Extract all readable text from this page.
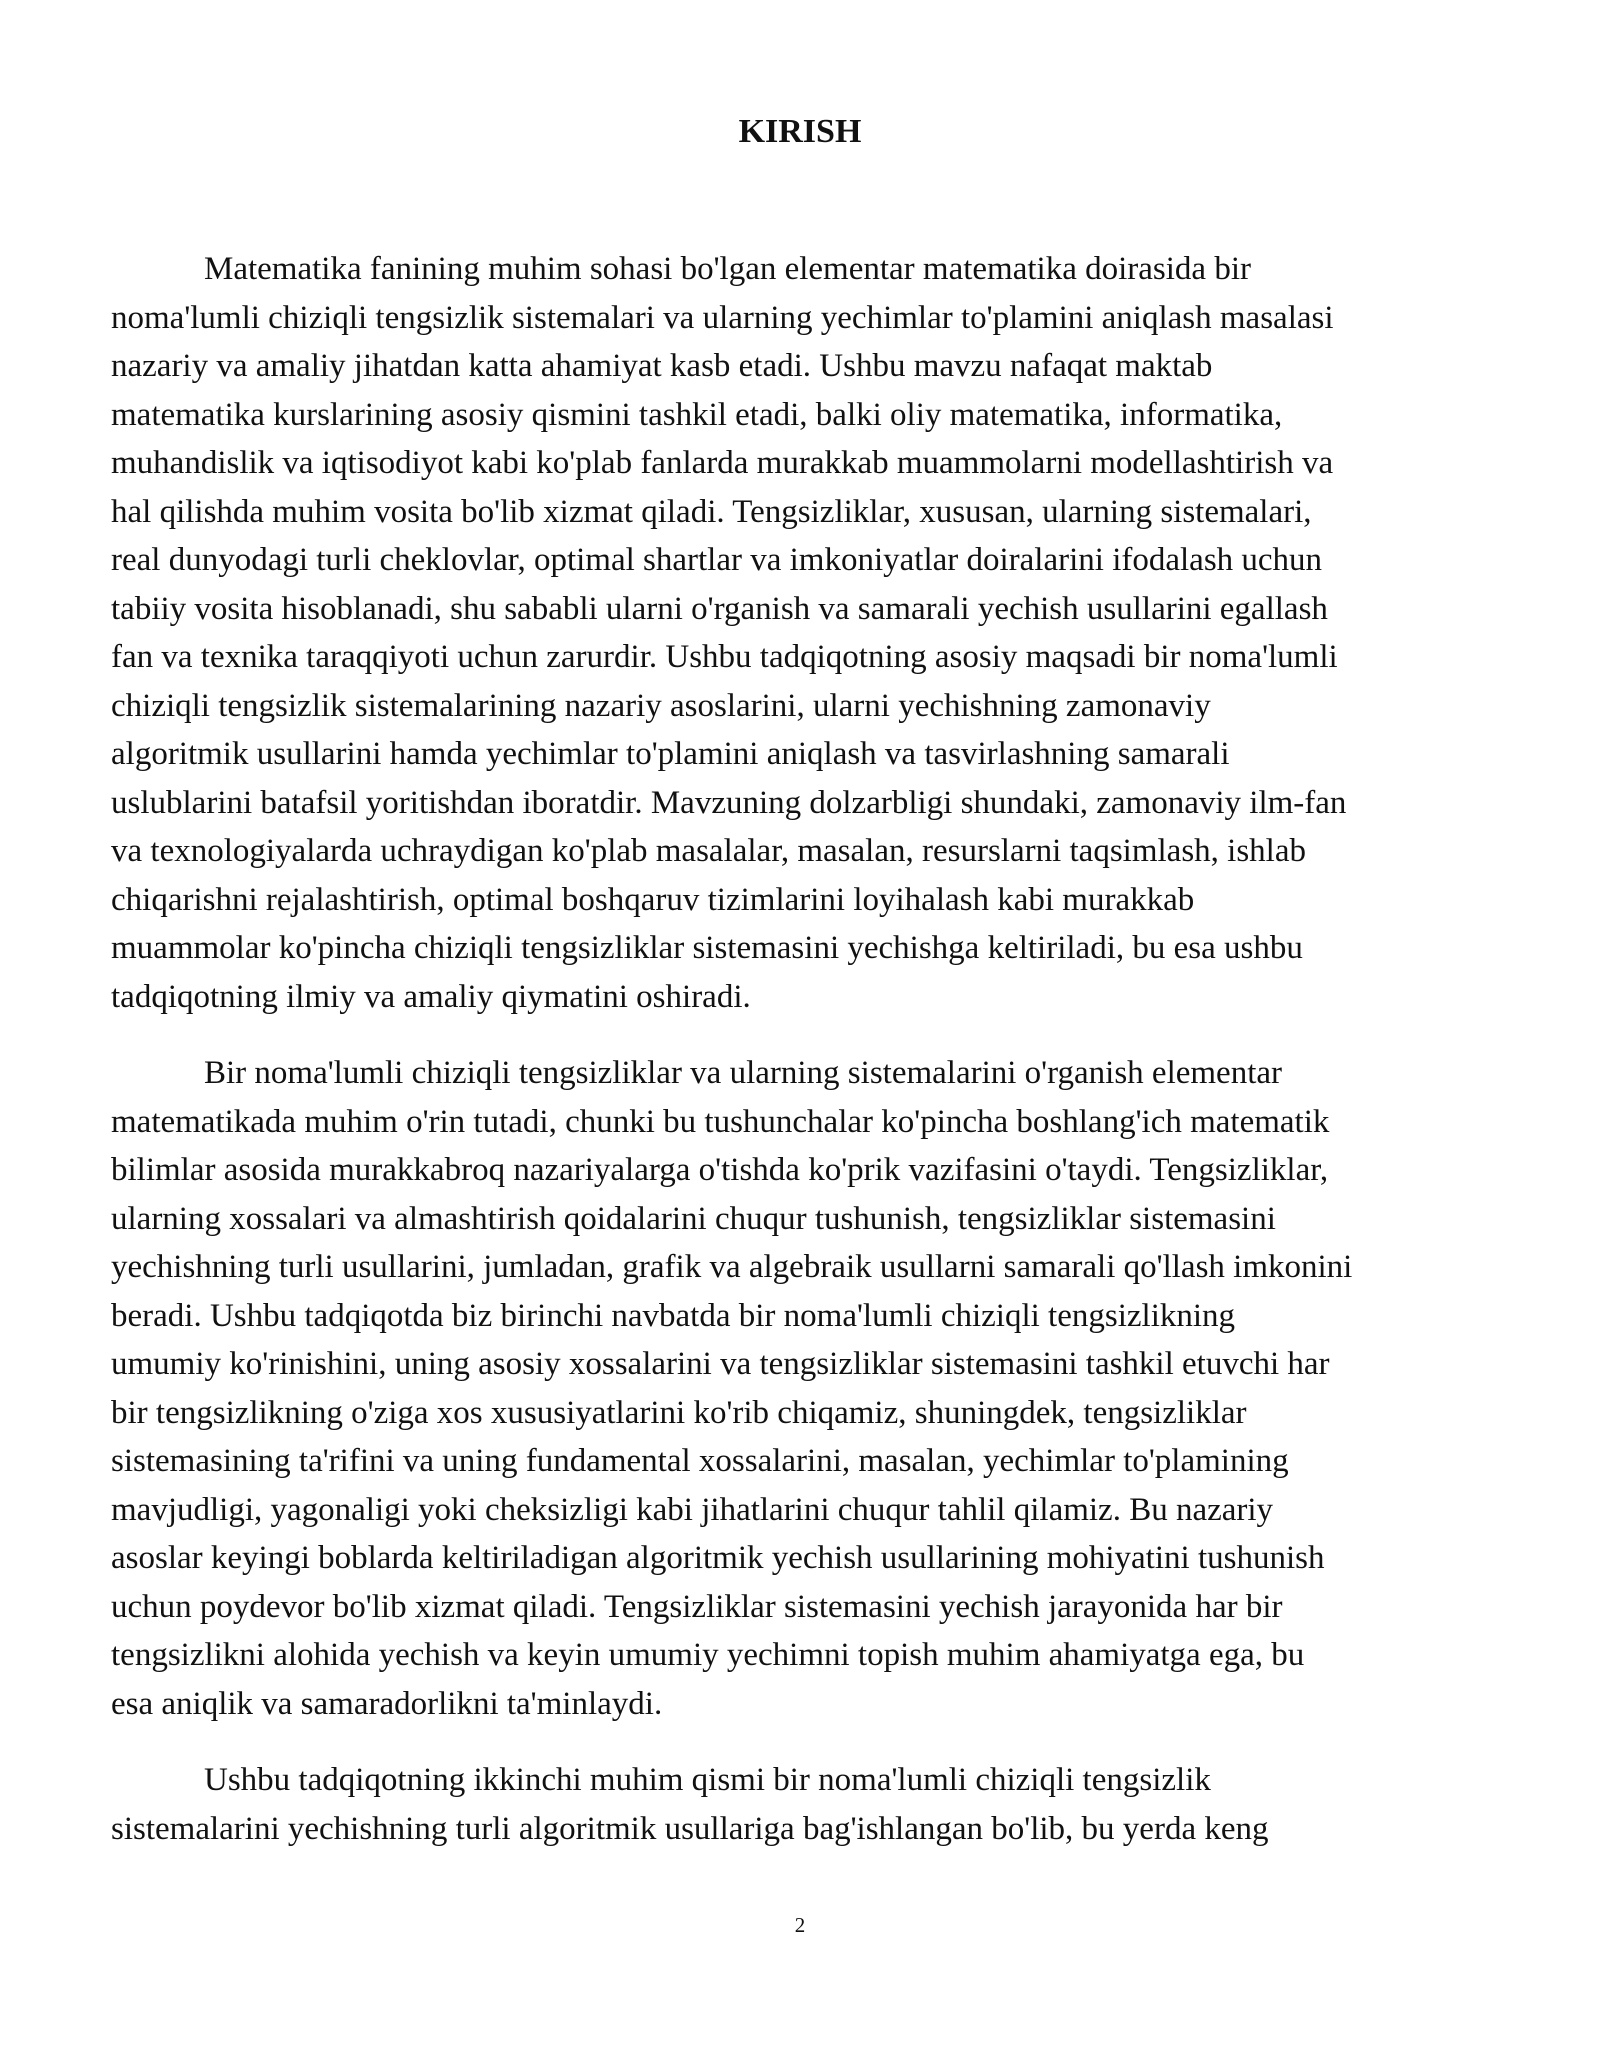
KIRISH

Matematika fanining muhim sohasi bo'lgan elementar matematika doirasida bir
noma'lumli chiziqli tengsizlik sistemalari va ularning yechimlar to'plamini aniqlash masalasi
nazariy va amaliy jihatdan katta ahamiyat kasb etadi. Ushbu mavzu nafaqat maktab
matematika kurslarining asosiy qismini tashkil etadi, balki oliy matematika, informatika,
muhandislik va iqtisodiyot kabi ko'plab fanlarda murakkab muammolarni modellashtirish va
hal qilishda muhim vosita bo'lib xizmat qiladi. Tengsizliklar, xususan, ularning sistemalari,
real dunyodagi turli cheklovlar, optimal shartlar va imkoniyatlar doiralarini ifodalash uchun
tabiiy vosita hisoblanadi, shu sababli ularni o'rganish va samarali yechish usullarini egallash
fan va texnika taraqqiyoti uchun zarurdir. Ushbu tadqiqotning asosiy maqsadi bir noma'lumli
chiziqli tengsizlik sistemalarining nazariy asoslarini, ularni yechishning zamonaviy
algoritmik usullarini hamda yechimlar to'plamini aniqlash va tasvirlashning samarali
uslublarini batafsil yoritishdan iboratdir. Mavzuning dolzarbligi shundaki, zamonaviy ilm-fan
va texnologiyalarda uchraydigan ko'plab masalalar, masalan, resurslarni taqsimlash, ishlab
chiqarishni rejalashtirish, optimal boshqaruv tizimlarini loyihalash kabi murakkab
muammolar ko'pincha chiziqli tengsizliklar sistemasini yechishga keltiriladi, bu esa ushbu
tadqiqotning ilmiy va amaliy qiymatini oshiradi.

Bir noma'lumli chiziqli tengsizliklar va ularning sistemalarini o'rganish elementar
matematikada muhim o'rin tutadi, chunki bu tushunchalar ko'pincha boshlang'ich matematik
bilimlar asosida murakkabroq nazariyalarga o'tishda ko'prik vazifasini o'taydi. Tengsizliklar,
ularning xossalari va almashtirish qoidalarini chuqur tushunish, tengsizliklar sistemasini
yechishning turli usullarini, jumladan, grafik va algebraik usullarni samarali qo'llash imkonini
beradi. Ushbu tadqiqotda biz birinchi navbatda bir noma'lumli chiziqli tengsizlikning
umumiy ko'rinishini, uning asosiy xossalarini va tengsizliklar sistemasini tashkil etuvchi har
bir tengsizlikning o'ziga xos xususiyatlarini ko'rib chiqamiz, shuningdek, tengsizliklar
sistemasining ta'rifini va uning fundamental xossalarini, masalan, yechimlar to'plamining
mavjudligi, yagonaligi yoki cheksizligi kabi jihatlarini chuqur tahlil qilamiz. Bu nazariy
asoslar keyingi boblarda keltiriladigan algoritmik yechish usullarining mohiyatini tushunish
uchun poydevor bo'lib xizmat qiladi. Tengsizliklar sistemasini yechish jarayonida har bir
tengsizlikni alohida yechish va keyin umumiy yechimni topish muhim ahamiyatga ega, bu
esa aniqlik va samaradorlikni ta'minlaydi.

Ushbu tadqiqotning ikkinchi muhim qismi bir noma'lumli chiziqli tengsizlik
sistemalarini yechishning turli algoritmik usullariga bag'ishlangan bo'lib, bu yerda keng

2
